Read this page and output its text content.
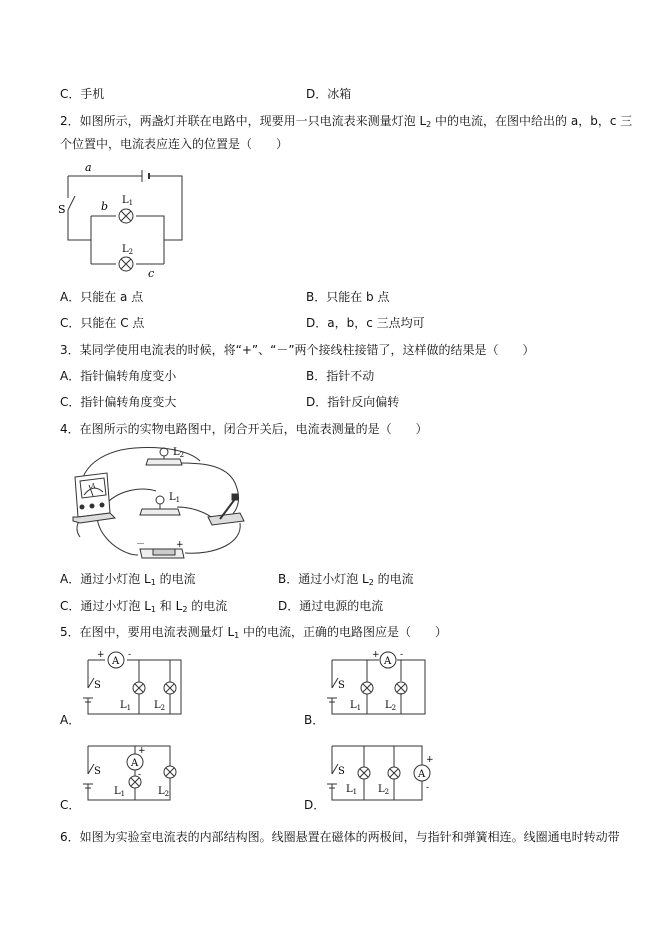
C．手机	D．冰箱
2．如图所示，两盏灯并联在电路中，现要用一只电流表来测量灯泡 $L_2$ 中的电流，在图中给出的 a，b，c 三
个位置中，电流表应连入的位置是（　　）
a
b
c
S
$L_1$
$L_2$
A．只能在 a 点	B．只能在 b 点
C．只能在 C 点	D．a，b，c 三点均可
3．某同学使用电流表的时候，将“+”、“－”两个接线柱接错了，这样做的结果是（　　）
A．指针偏转角度变小	B．指针不动
C．指针偏转角度变大	D．指针反向偏转
4．在图所示的实物电路图中，闭合开关后，电流表测量的是（　　）
A
$L_2$
$L_1$
－	+
A．通过小灯泡 $L_1$ 的电流	B．通过小灯泡 $L_2$ 的电流
C．通过小灯泡 $L_1$ 和 $L_2$ 的电流	D．通过电源的电流
5．在图中，要用电流表测量灯 $L_1$ 中的电流，正确的电路图应是（　　）
A
+	-
S
$L_1$ $L_2$
A．
A
+ -
S
$L_1$ $L_2$
B．
A
+
-
S
$L_1$	$L_2$
C．
A
+
-
S
$L_1$ $L_2$
D．
6．如图为实验室电流表的内部结构图。线圈悬置在磁体的两极间，与指针和弹簧相连。线圈通电时转动带
